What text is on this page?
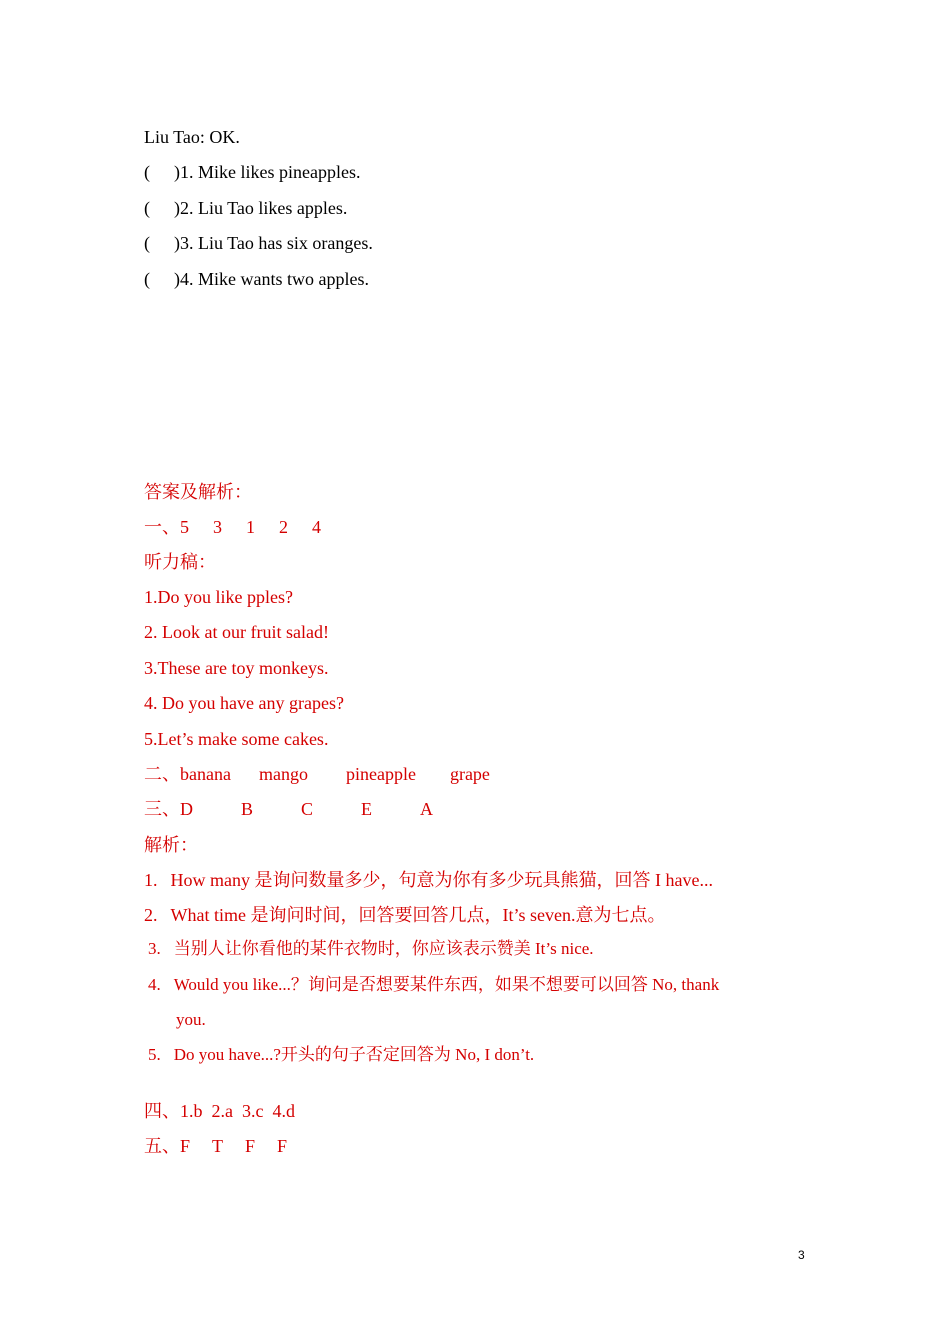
Liu Tao: OK.
( )1. Mike likes pineapples.
( )2. Liu Tao likes apples.
( )3. Liu Tao has six oranges.
( )4. Mike wants two apples.
答案及解析：
一、5 3 1 2 4
听力稿：
1.Do you like pples?
2. Look at our fruit salad!
3.These are toy monkeys.
4. Do you have any grapes?
5.Let’s make some cakes.
二、banana mango pineapple grape
三、D	B	C	E	A
解析：
1. How many 是询问数量多少，句意为你有多少玩具熊猫，回答 I have...
2. What time 是询问时间，回答要回答几点，It’s seven.意为七点。
3. 当别人让你看他的某件衣物时，你应该表示赞美 It’s nice.
4. Would you like...？询问是否想要某件东西，如果不想要可以回答 No, thank
you.
5. Do you have...?开头的句子否定回答为 No, I don’t.
四、1.b  2.a  3.c  4.d
五、F T F F
3
